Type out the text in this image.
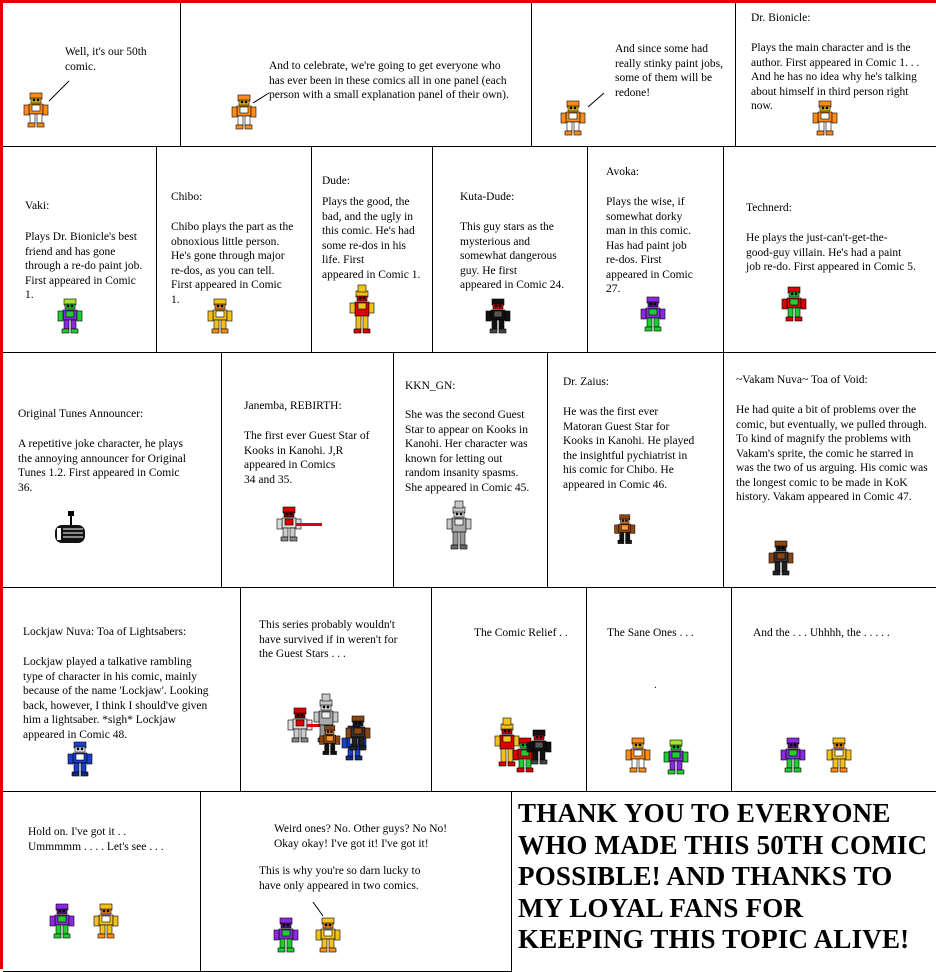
Well, it's our 50th
comic.	And to celebrate, we're going to get everyone who
has ever been in these comics all in one panel (each
person with a small explanation panel of their own).
And since some had
really stinky paint jobs,
some of them will be
redone!
Dr. Bionicle:
Plays the main character and is the
author. First appeared in Comic 1. . .
And he has no idea why he's talking
about himself in third person right
now.
Vaki:
Plays Dr. Bionicle's best
friend and has gone
through a re-do paint job.
First appeared in Comic
1.
Chibo:
Chibo plays the part as the
obnoxious little person.
He's gone through major
re-dos, as you can tell.
First appeared in Comic
1.
Dude:
Plays the good, the
bad, and the ugly in
this comic. He's had
some re-dos in his
life. First
appeared in Comic 1.
Kuta-Dude:
This guy stars as the
mysterious and
somewhat dangerous
guy. He first
appeared in Comic 24.
Avoka:
Plays the wise, if
somewhat dorky
man in this comic.
Has had paint job
re-dos. First
appeared in Comic
27.
Technerd:
He plays the just-can't-get-the-
good-guy villain. He's had a paint
job re-do. First appeared in Comic 5.
Original Tunes Announcer:
A repetitive joke character, he plays
the annoying announcer for Original
Tunes 1.2. First appeared in Comic
36.
Janemba, REBIRTH:
The first ever Guest Star of
Kooks in Kanohi. J,R
appeared in Comics
34 and 35.
KKN_GN:
She was the second Guest
Star to appear on Kooks in
Kanohi. Her character was
known for letting out
random insanity spasms.
She appeared in Comic 45.
Dr. Zaius:
He was the first ever
Matoran Guest Star for
Kooks in Kanohi. He played
the insightful pychiatrist in
his comic for Chibo. He
appeared in Comic 46.
~Vakam Nuva~ Toa of Void:
He had quite a bit of problems over the
comic, but eventually, we pulled through.
To kind of magnify the problems with
Vakam's sprite, the comic he starred in
was the two of us arguing. His comic was
the longest comic to be made in KoK
history. Vakam appeared in Comic 47.
Lockjaw Nuva: Toa of Lightsabers:
Lockjaw played a talkative rambling
type of character in his comic, mainly
because of the name 'Lockjaw'. Looking
back, however, I think I should've given
him a lightsaber. *sigh* Lockjaw
appeared in Comic 48.
This series probably wouldn't
have survived if in weren't for
the Guest Stars . . .
The Comic Relief . .	The Sane Ones . . .
.
And the . . . Uhhhh, the . . . . .
Hold on. I've got it . .
Ummmmm . . . . Let's see . . .
Weird ones? No. Other guys? No No!
Okay okay! I've got it! I've got it!
This is why you're so darn lucky to
have only appeared in two comics.
THANK YOU TO EVERYONE
WHO MADE THIS 50TH COMIC
POSSIBLE! AND THANKS TO
MY LOYAL FANS FOR
KEEPING THIS TOPIC ALIVE!
